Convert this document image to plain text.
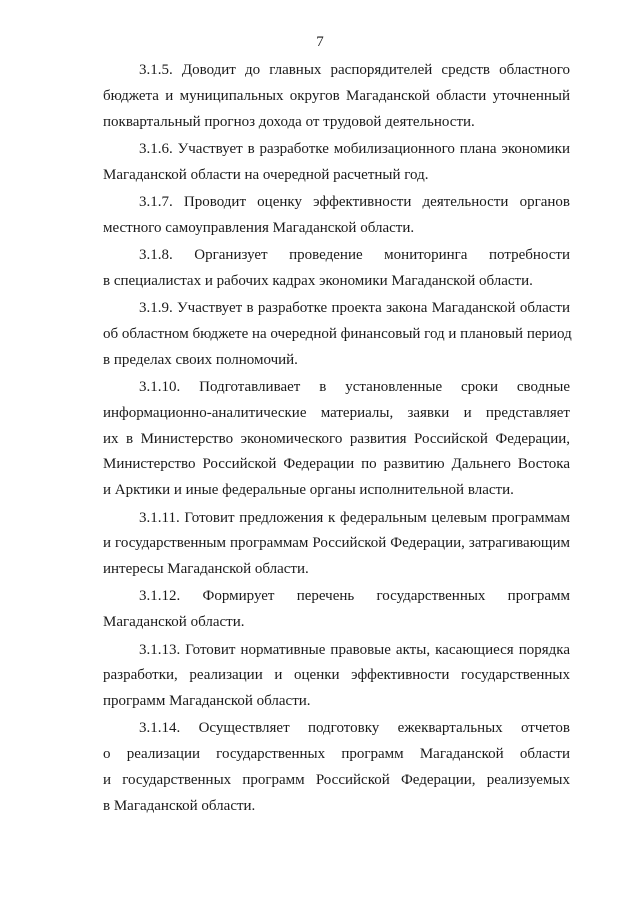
7

3.1.5. Доводит до главных распорядителей средств областного
бюджета и муниципальных округов Магаданской области уточненный
поквартальный прогноз дохода от трудовой деятельности.

3.1.6. Участвует в разработке мобилизационного плана экономики
Магаданской области на очередной расчетный год.

3.1.7. Проводит оценку эффективности деятельности органов
местного самоуправления Магаданской области.

3.1.8. Организует проведение мониторинга потребности
в специалистах и рабочих кадрах экономики Магаданской области.

3.1.9. Участвует в разработке проекта закона Магаданской области
об областном бюджете на очередной финансовый год и плановый период
в пределах своих полномочий.

3.1.10. Подготавливает в установленные сроки сводные
информационно-аналитические материалы, заявки и представляет
их в Министерство экономического развития Российской Федерации,
Министерство Российской Федерации по развитию Дальнего Востока
и Арктики и иные федеральные органы исполнительной власти.

3.1.11. Готовит предложения к федеральным целевым программам
и государственным программам Российской Федерации, затрагивающим
интересы Магаданской области.

3.1.12. Формирует перечень государственных программ
Магаданской области.

3.1.13. Готовит нормативные правовые акты, касающиеся порядка
разработки, реализации и оценки эффективности государственных
программ Магаданской области.

3.1.14. Осуществляет подготовку ежеквартальных отчетов
о реализации государственных программ Магаданской области
и государственных программ Российской Федерации, реализуемых
в Магаданской области.
